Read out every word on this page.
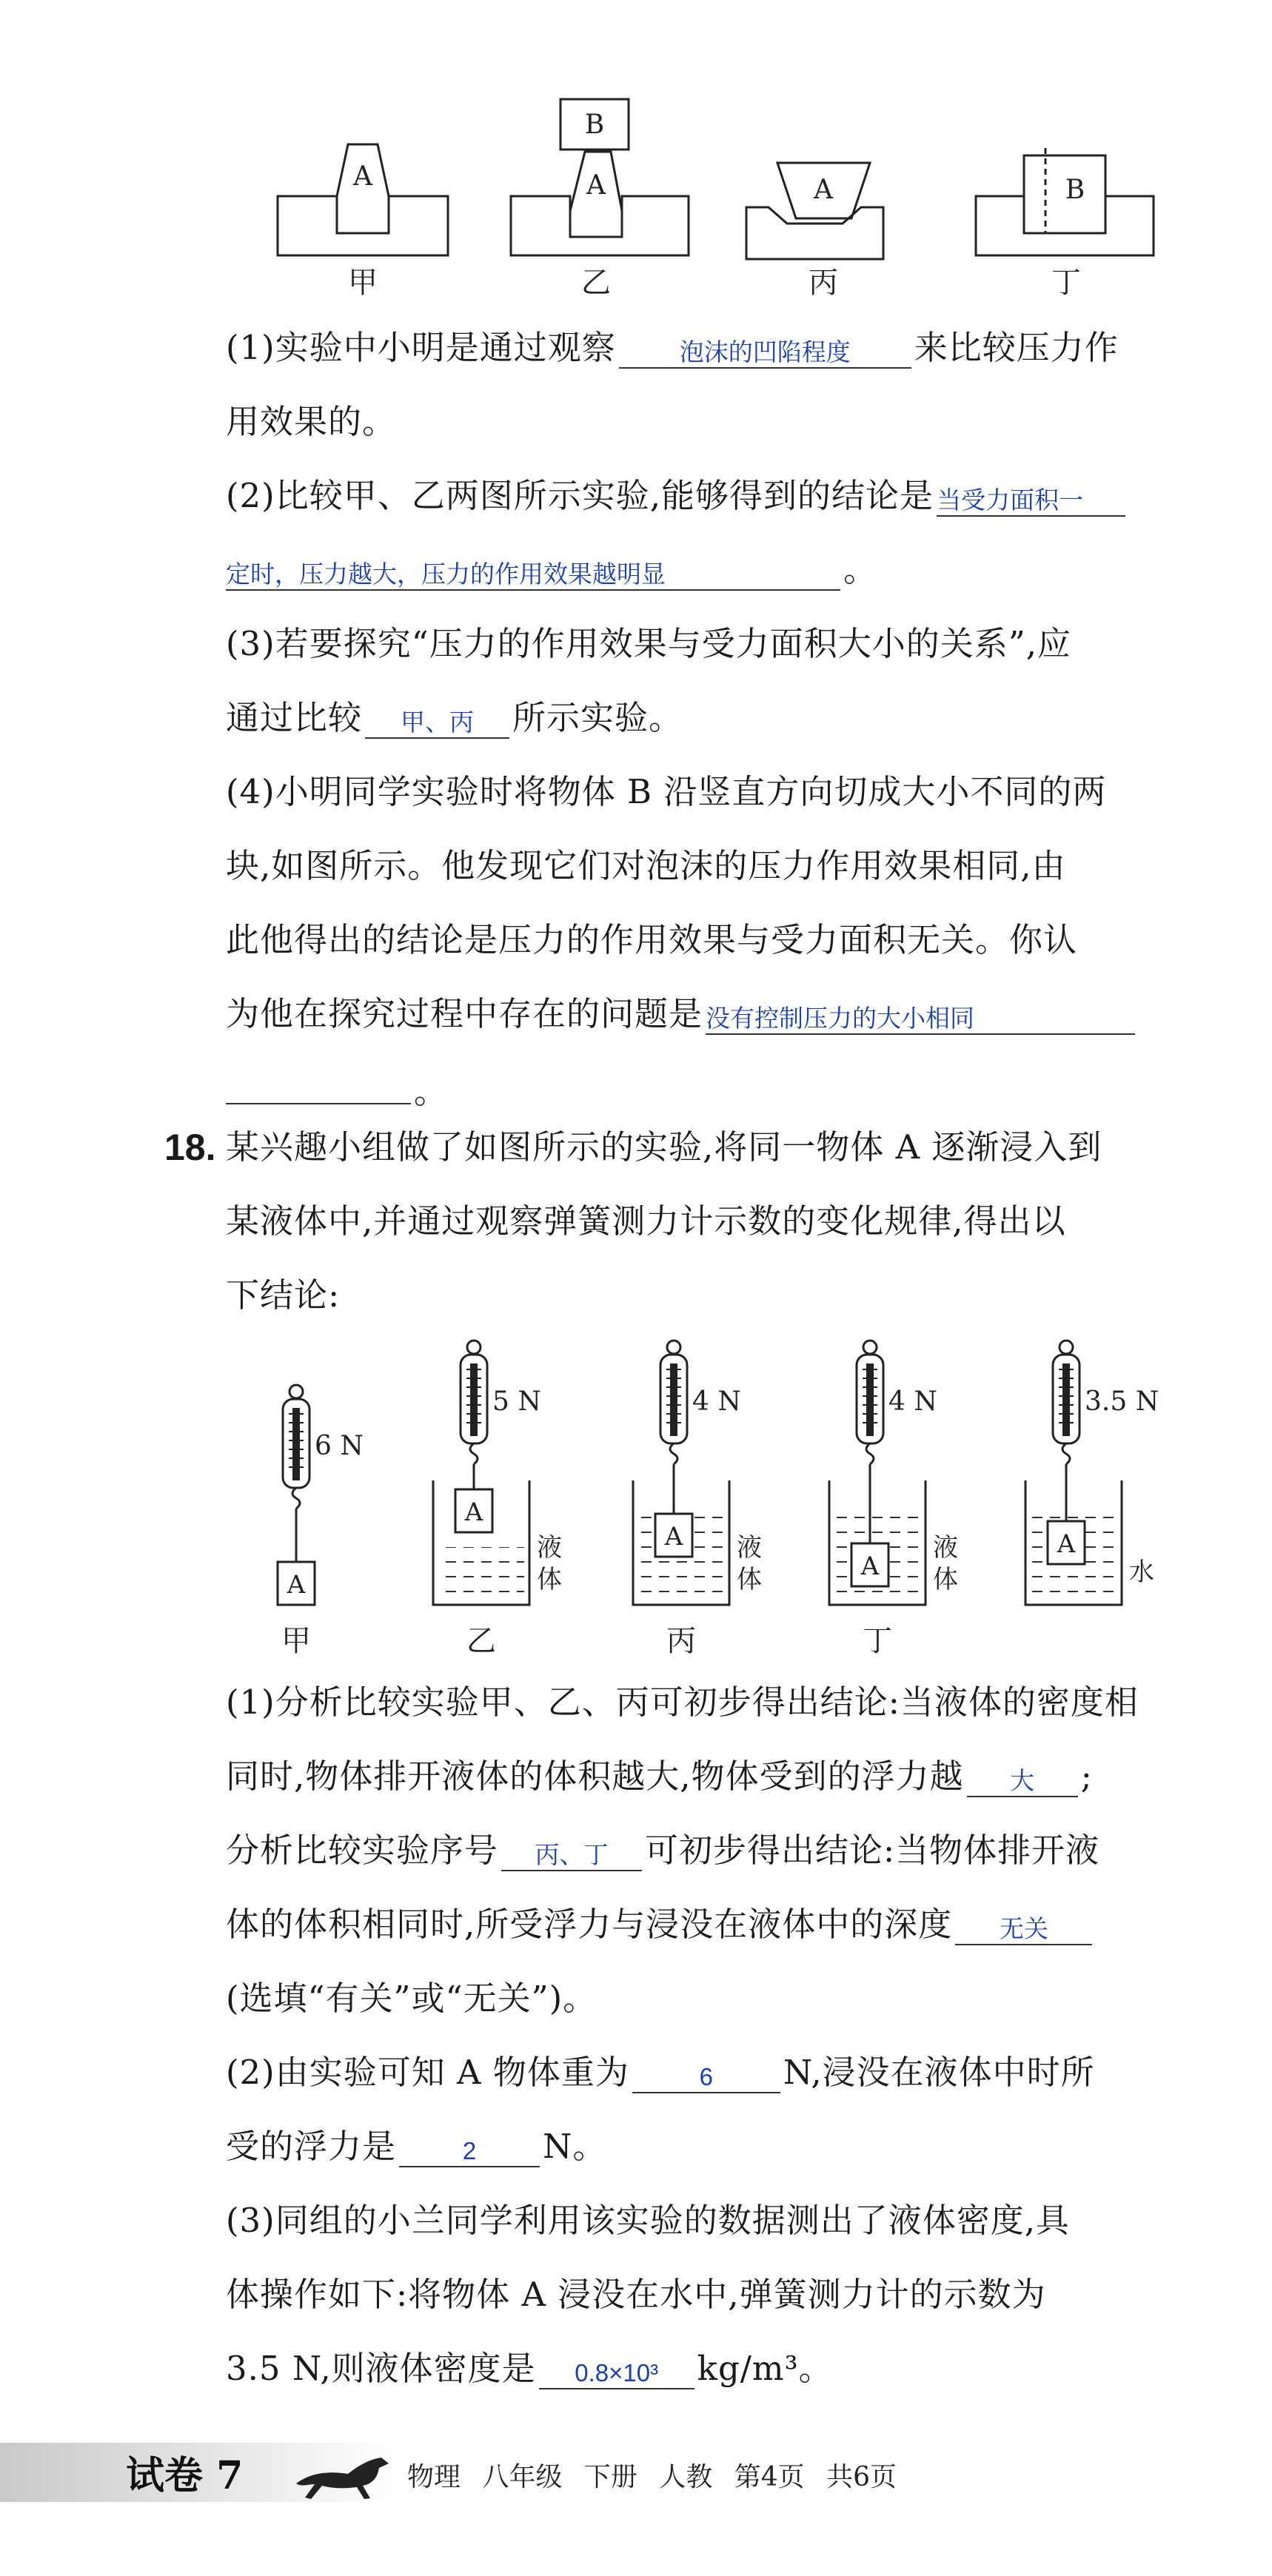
A	A
B
A	B
甲	乙	丙	丁
(1)实验中小明是通过观察	泡沫的凹陷程度 来比较压力作
用效果的。
(2)比较甲、乙两图所示实验,能够得到的结论是 当受力面积一
定时，压力越大，压力的作用效果越明显	。
(3)若要探究“压力的作用效果与受力面积大小的关系”,应
通过比较 甲、丙 所示实验。
(4)小明同学实验时将物体 B 沿竖直方向切成大小不同的两
块,如图所示。他发现它们对泡沫的压力作用效果相同,由
此他得出的结论是压力的作用效果与受力面积无关。你认
为他在探究过程中存在的问题是 没有控制压力的大小相同
。
18. 某兴趣小组做了如图所示的实验,将同一物体 A 逐渐浸入到
某液体中,并通过观察弹簧测力计示数的变化规律,得出以
下结论:
6 N
A
5 N
A
液
体
4 N
A 液
体
4 N
A
液
体
3.5 N
A
水
甲	乙	丙	丁
(1)分析比较实验甲、乙、丙可初步得出结论:当液体的密度相
同时,物体排开液体的体积越大,物体受到的浮力越 大 ;
分析比较实验序号 丙、丁 可初步得出结论:当物体排开液
体的体积相同时,所受浮力与浸没在液体中的深度 无关
(选填“有关”或“无关”)。
(2)由实验可知 A 物体重为	6 N,浸没在液体中时所
受的浮力是	2 N。
(3)同组的小兰同学利用该实验的数据测出了液体密度,具
体操作如下:将物体 A 浸没在水中,弹簧测力计的示数为
3.5 N,则液体密度是 0.8×10³ kg/m³。
试卷 7	物理 八年级 下册 人教 第4页 共6页
